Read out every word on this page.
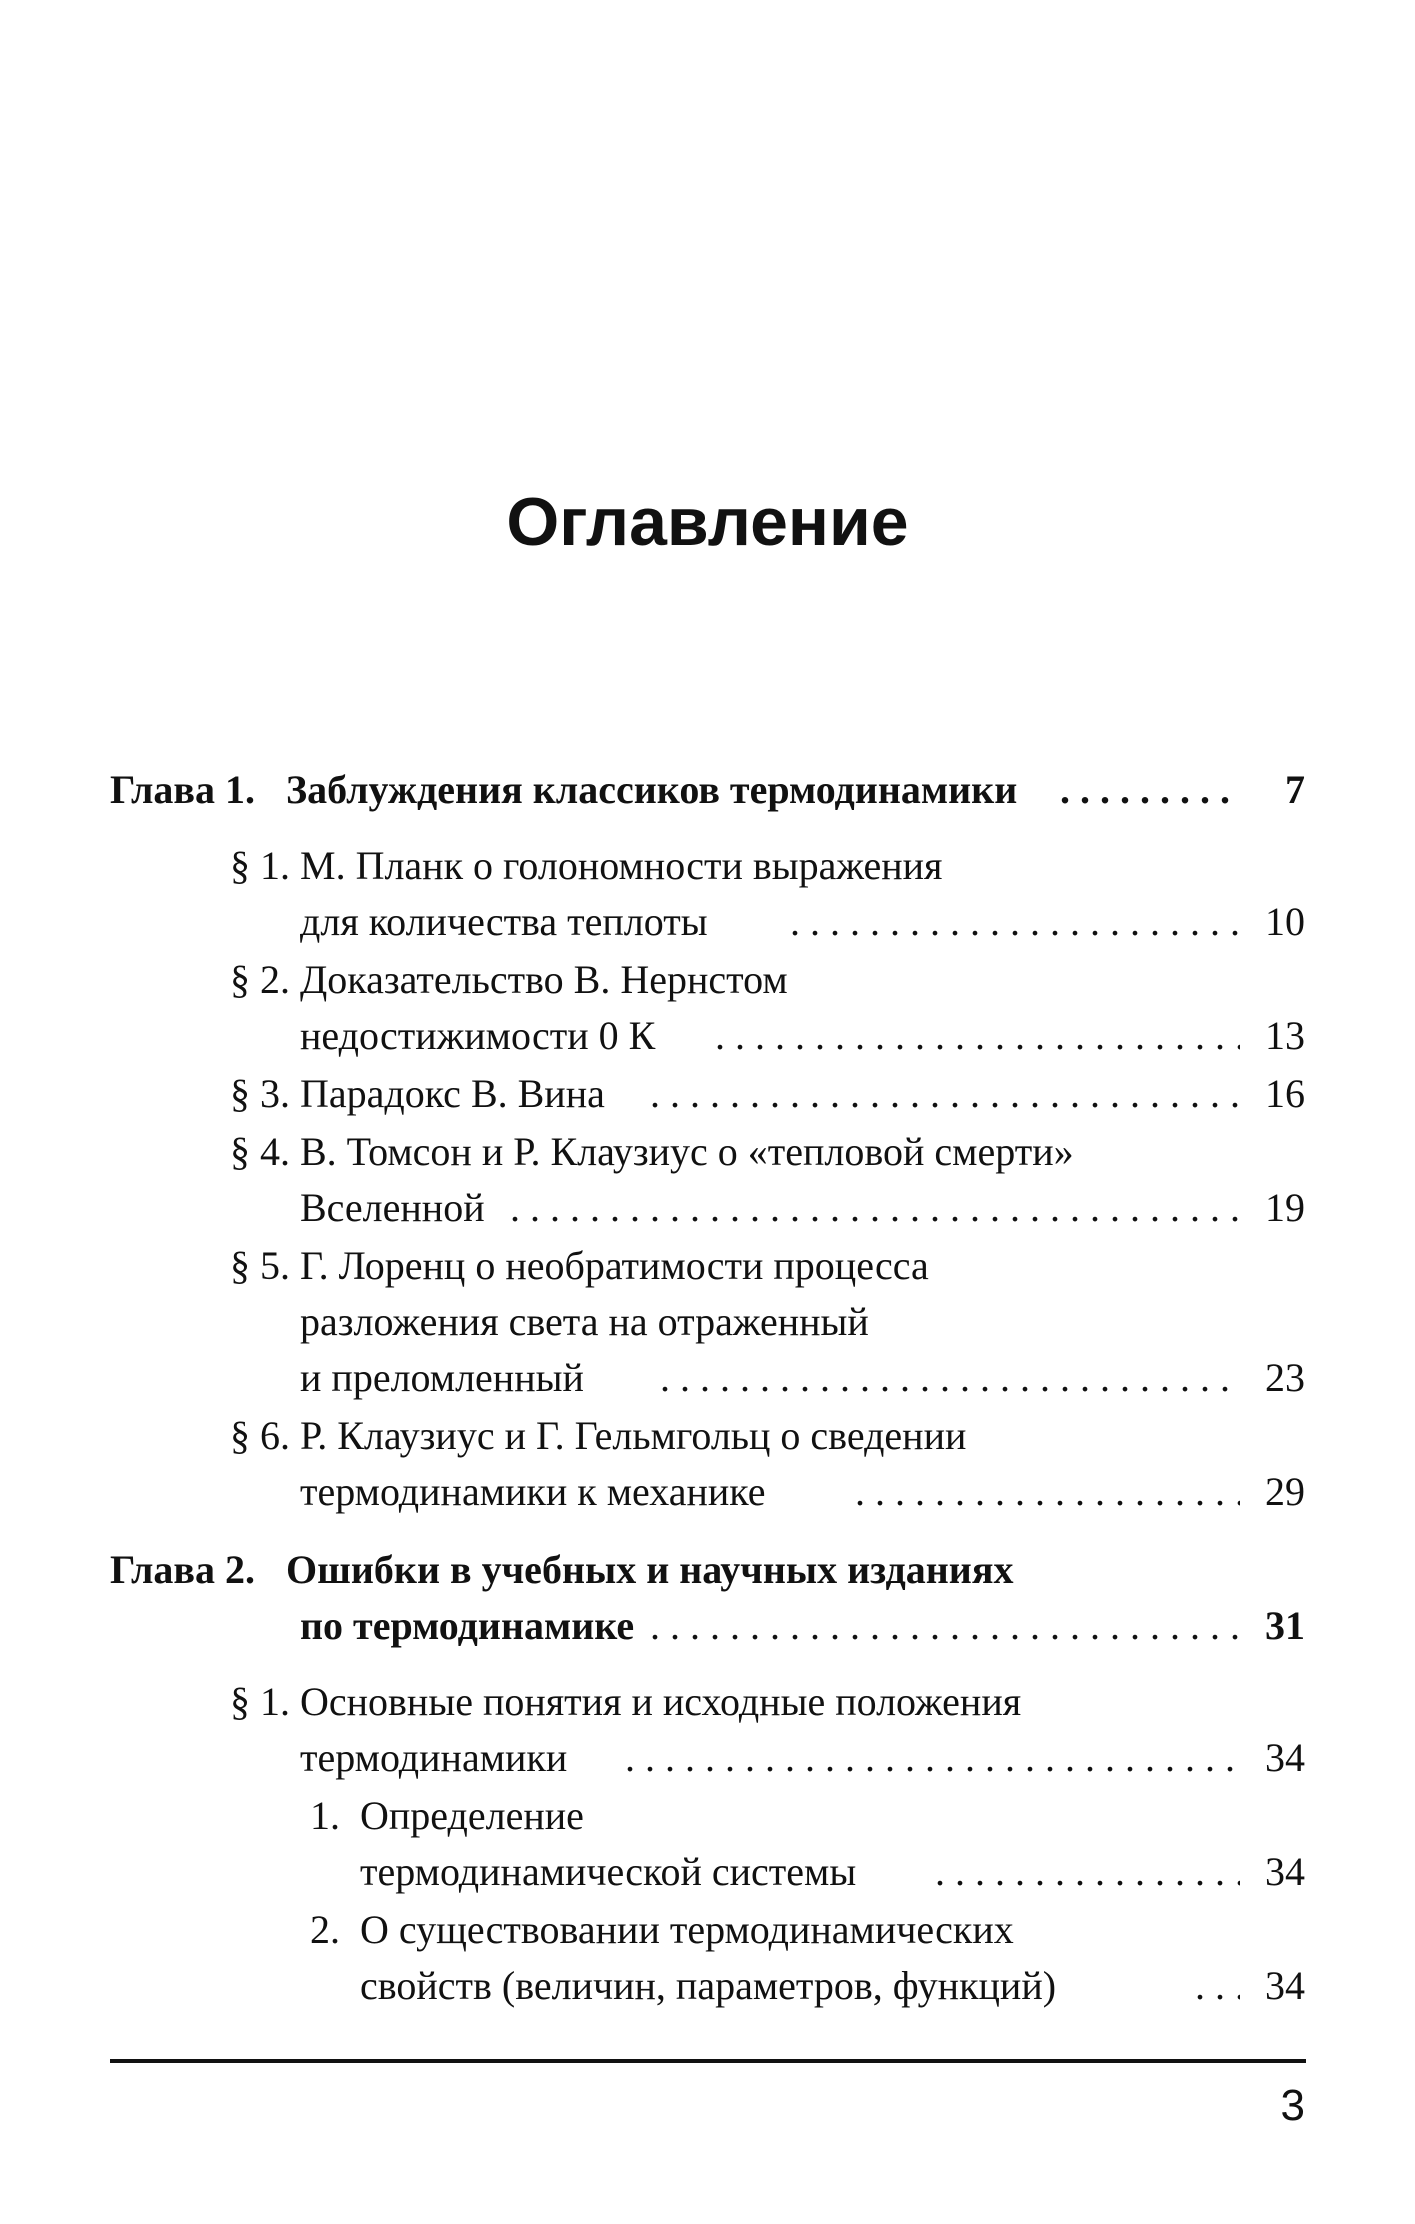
Оглавление
Глава 1. Заблуждения классиков термодинамики . . .	7
§ 1. М. Планк о голономности выражения
для количества теплоты . . .	10
§ 2. Доказательство В. Нернстом
недостижимости 0 К . . .	13
§ 3. Парадокс В. Вина . . .	16
§ 4. В. Томсон и Р. Клаузиус о «тепловой смерти»
Вселенной . . .	19
§ 5. Г. Лоренц о необратимости процесса
разложения света на отраженный
и преломленный . . .	23
§ 6. Р. Клаузиус и Г. Гельмгольц о сведении
термодинамики к механике . . .	29
Глава 2. Ошибки в учебных и научных изданиях
по термодинамике . . .	31
§ 1. Основные понятия и исходные положения
термодинамики . . .	34
1. Определение
термодинамической системы . . .	34
2. О существовании термодинамических
свойств (величин, параметров, функций) . . .	34
3
